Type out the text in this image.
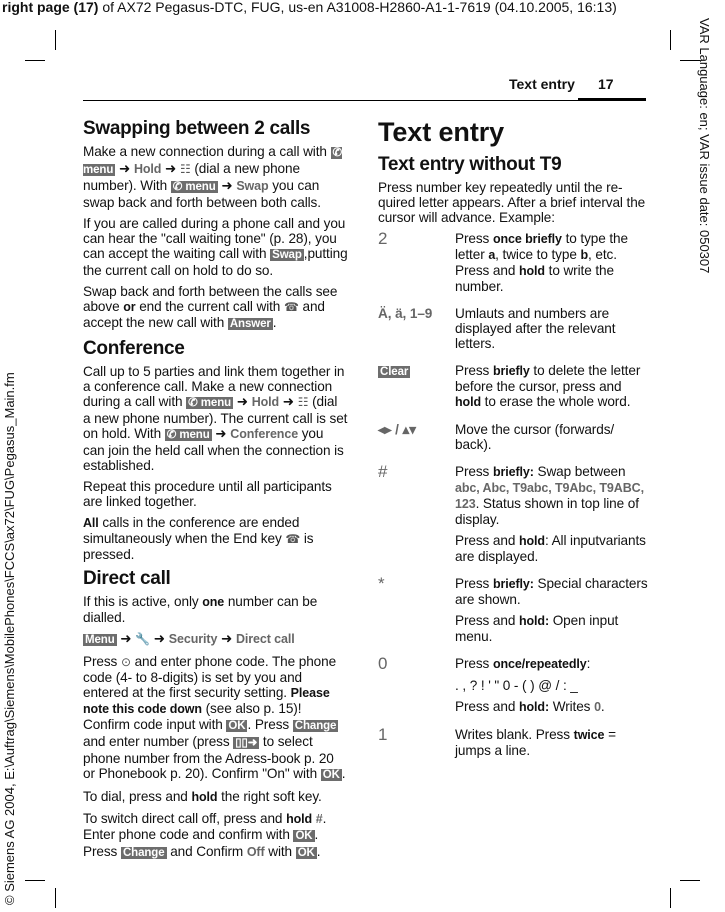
right page (17) of AX72 Pegasus-DTC, FUG, us-en A31008-H2860-A1-1-7619 (04.10.2005, 16:13)
VAR Language: en; VAR issue date: 050307
© Siemens AG 2004, E:\Auftrag\Siemens\MobilePhones\FCCS\ax72\FUG\Pegasus_Main.fm
Text entry 17
Swapping between 2 calls

Make a new connection during a call with ✆ menu ➜ Hold ➜ ☷ (dial a new phone number). With ✆ menu ➜ Swap you can swap back and forth between both calls.

If you are called during a phone call and you can hear the "call waiting tone" (p. 28), you can accept the waiting call with Swap ,putting the current call on hold to do so.

Swap back and forth between the calls see above or end the current call with ☎ and accept the new call with Answer .

Conference

Call up to 5 parties and link them together in a conference call. Make a new connection during a call with ✆ menu ➜ Hold ➜ ☷ (dial a new phone number). The current call is set on hold. With ✆ menu ➜ Conference you can join the held call when the connection is established.

Repeat this procedure until all participants are linked together.

All calls in the conference are ended simultaneously when the End key ☎ is pressed.

Direct call

If this is active, only one number can be dialled.

Menu ➜ 🔧 ➜ Security ➜ Direct call

Press ⊙ and enter phone code. The phone code (4- to 8-digits) is set by you and entered at the first security setting. Please note this code down (see also p. 15)! Confirm code input with OK . Press Change and enter number (press ▯▯➜ to select phone number from the Adress-book p. 20 or Phonebook p. 20). Confirm "On" with OK .

To dial, press and hold the right soft key.

To switch direct call off, press and hold #. Enter phone code and confirm with OK . Press Change and Confirm Off with OK .

Text entry
Text entry without T9

Press number key repeatedly until the re-quired letter appears. After a brief interval the cursor will advance. Example:

2	Press once briefly to type the letter a, twice to type b, etc. Press and hold to write the number.

Ä, ä, 1–9	Umlauts and numbers are displayed after the relevant letters.

Clear	Press briefly to delete the letter before the cursor, press and hold to erase the whole word.

◂▸ / ▴▾	Move the cursor (forwards/ back).

#	Press briefly: Swap between abc, Abc, T9abc, T9Abc, T9ABC, 123. Status shown in top line of display.

Press and hold: All inputvariants are displayed.

*	Press briefly: Special characters are shown.

Press and hold: Open input menu.

0	Press once/repeatedly:

. , ? ! ' " 0 - ( ) @ / : _

Press and hold: Writes 0.

1	Writes blank. Press twice = jumps a line.
